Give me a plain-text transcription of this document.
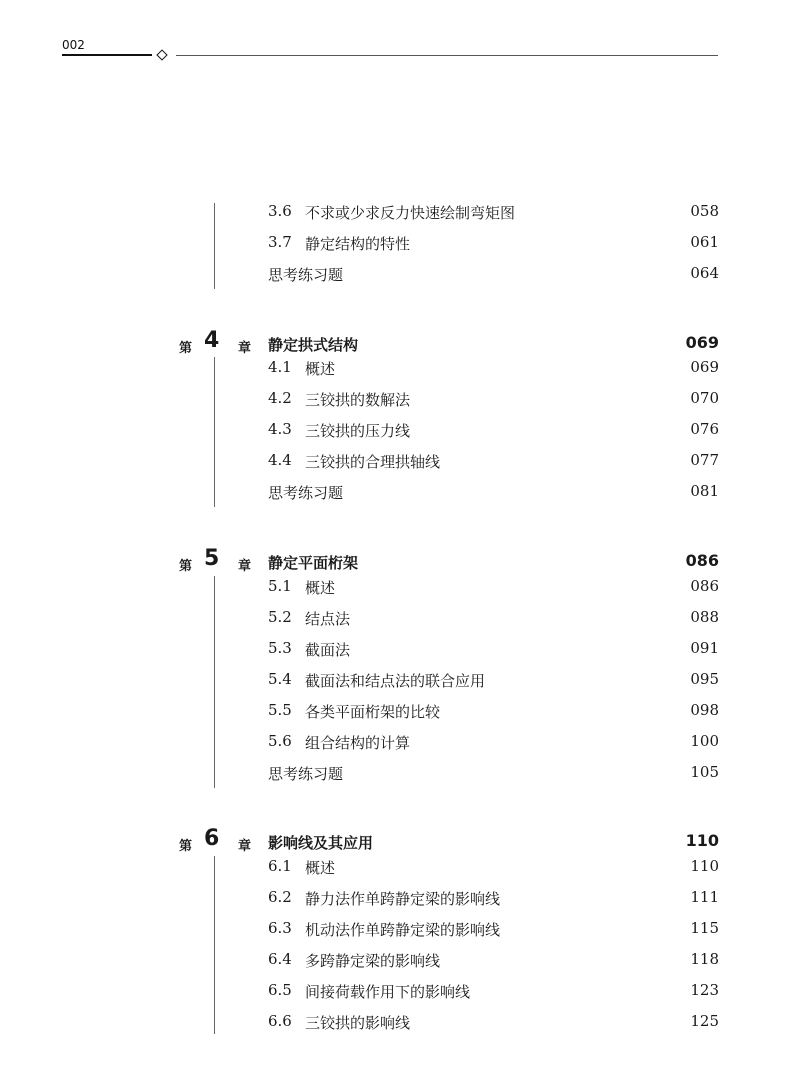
002
3.6 不求或少求反力快速绘制弯矩图	058
3.7 静定结构的特性	061
思考练习题	064
第 4 章 静定拱式结构	069
4.1 概述	069
4.2 三铰拱的数解法	070
4.3 三铰拱的压力线	076
4.4 三铰拱的合理拱轴线	077
思考练习题	081
第 5 章 静定平面桁架	086
5.1 概述	086
5.2 结点法	088
5.3 截面法	091
5.4 截面法和结点法的联合应用	095
5.5 各类平面桁架的比较	098
5.6 组合结构的计算	100
思考练习题	105
第 6 章 影响线及其应用	110
6.1 概述	110
6.2 静力法作单跨静定梁的影响线	111
6.3 机动法作单跨静定梁的影响线	115
6.4 多跨静定梁的影响线	118
6.5 间接荷载作用下的影响线	123
6.6 三铰拱的影响线	125
